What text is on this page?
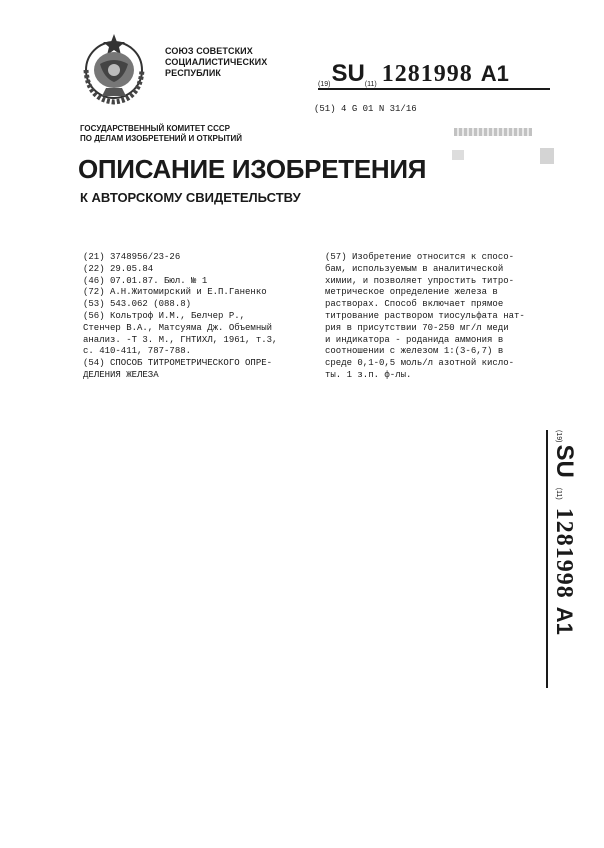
СОЮЗ СОВЕТСКИХ
СОЦИАЛИСТИЧЕСКИХ
РЕСПУБЛИК
(19)SU(11) 1281998 A1
(51) 4 G 01 N 31/16
ГОСУДАРСТВЕННЫЙ КОМИТЕТ СССР
ПО ДЕЛАМ ИЗОБРЕТЕНИЙ И ОТКРЫТИЙ
ОПИСАНИЕ ИЗОБРЕТЕНИЯ
К АВТОРСКОМУ СВИДЕТЕЛЬСТВУ
(21) 3748956/23-26
(22) 29.05.84
(46) 07.01.87. Бюл. № 1
(72) А.Н.Житомирский и Е.П.Ганенко
(53) 543.062 (088.8)
(56) Кольтроф И.М., Белчер Р.,
Стенчер В.А., Матсуяма Дж. Объемный
анализ. -Т 3. М., ГНТИХЛ, 1961, т.3,
с. 410-411, 787-788.
(54) СПОСОБ ТИТРОМЕТРИЧЕСКОГО ОПРЕ-
ДЕЛЕНИЯ ЖЕЛЕЗА
(57) Изобретение относится к спосо-
бам, используемым в аналитической
химии, и позволяет упростить титро-
метрическое определение железа в
растворах. Способ включает прямое
титрование раствором тиосульфата нат-
рия в присутствии 70-250 мг/л меди
и индикатора - роданида аммония в
соотношении с железом 1:(3-6,7) в
среде 0,1-0,5 моль/л азотной кисло-
ты. 1 з.п. ф-лы.
(19)SU(11)1281998A1
